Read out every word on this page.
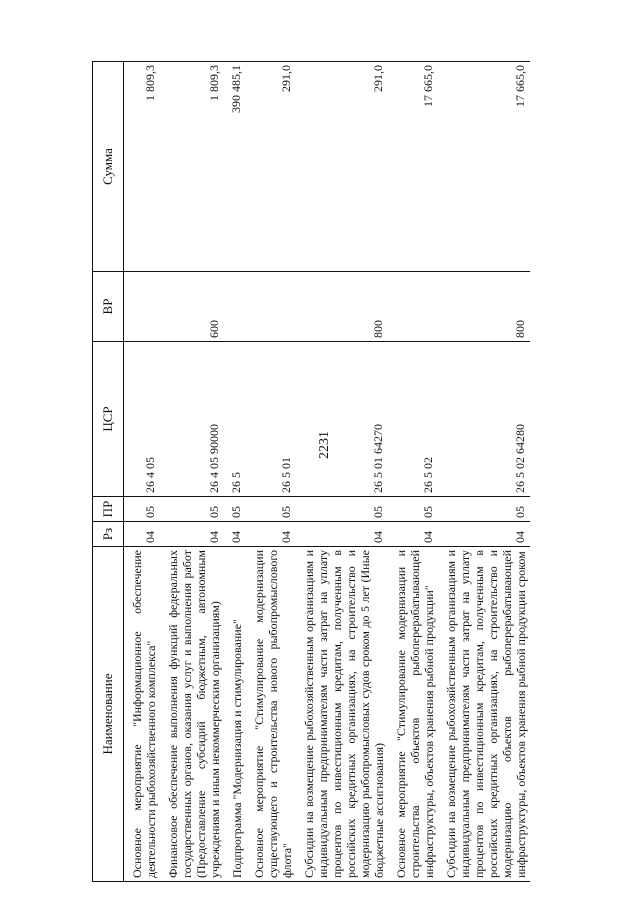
2231
Наименование	Рз	ПР	ЦСР	ВР	Сумма
Основное мероприятие "Информационное обеспечение деятельности рыбохозяйственного комплекса"	04	05	26 4 05		1 809,3
Финансовое обеспечение выполнения функций федеральных государственных органов, оказания услуг и выполнения работ (Предоставление субсидий бюджетным, автономным учреждениям и иным некоммерческим организациям)	04	05	26 4 05 90000	600	1 809,3
Подпрограмма "Модернизация и стимулирование"	04	05	26 5		390 485,1
Основное мероприятие "Стимулирование модернизации существующего и строительства нового рыбопромыслового флота"	04	05	26 5 01		291,0
Субсидии на возмещение рыбохозяйственным организациям и индивидуальным предпринимателям части затрат на уплату процентов по инвестиционным кредитам, полученным в российских кредитных организациях, на строительство и модернизацию рыбопромысловых судов сроком до 5 лет (Иные бюджетные ассигнования)	04	05	26 5 01 64270	800	291,0
Основное мероприятие "Стимулирование модернизации и строительства объектов рыбоперерабатывающей инфраструктуры, объектов хранения рыбной продукции"	04	05	26 5 02		17 665,0
Субсидии на возмещение рыбохозяйственным организациям и индивидуальным предпринимателям части затрат на уплату процентов по инвестиционным кредитам, полученным в российских кредитных организациях, на строительство и модернизацию объектов рыбоперерабатывающей инфраструктуры, объектов хранения рыбной продукции сроком	04	05	26 5 02 64280	800	17 665,0
